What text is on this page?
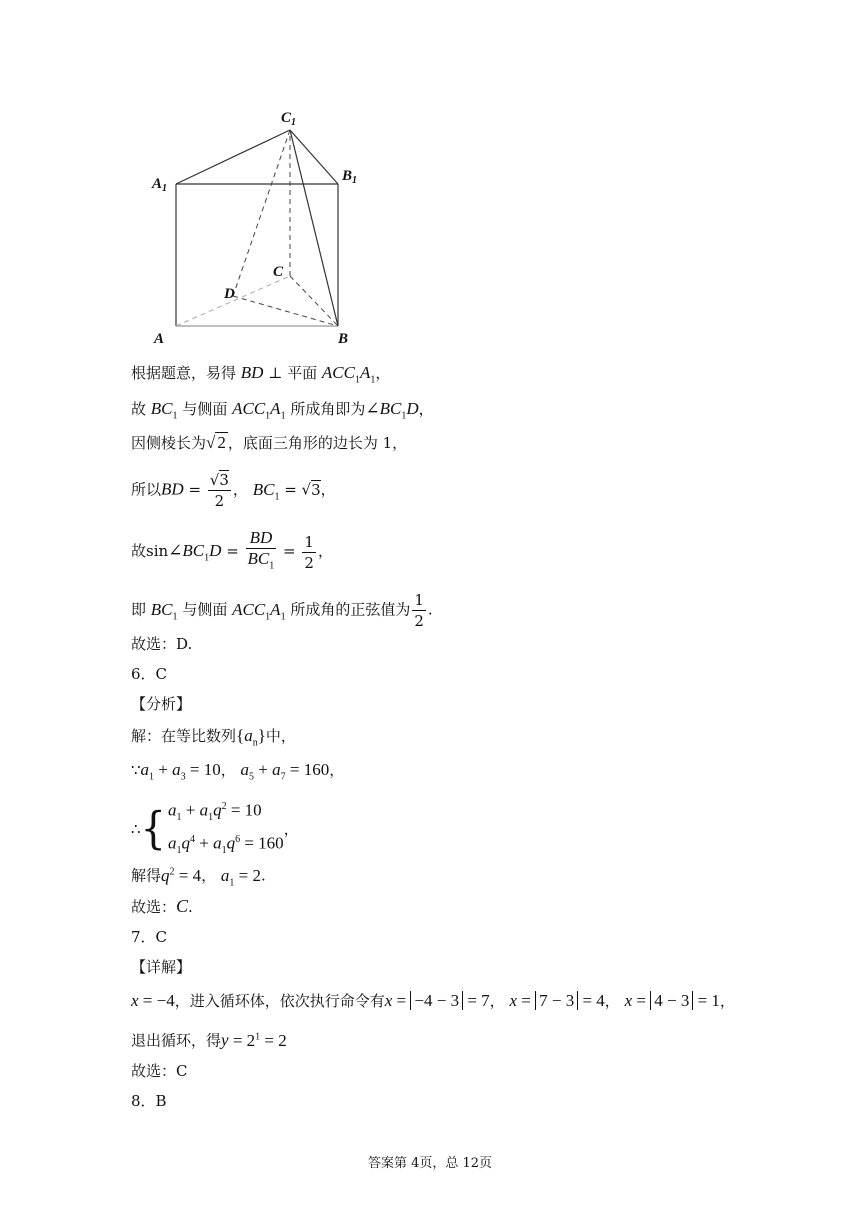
$C_1$
$A_1$
$B_1$
C
D
A	B
根据题意，易得 BD ⊥ 平面 $ACC_1A_1$，
故 $BC_1$ 与侧面 $ACC_1A_1$ 所成角即为$\angle BC_1D$，
因侧棱长为√ 2 ，底面三角形的边长为 1，
所以BD = $\frac{√3}{2}$ ， $BC_1 = √3$，
故$\sin\angle BC_1D = \frac{BD}{BC_1} = \frac{1}{2}$ ，
即 $BC_1$ 与侧面 $ACC_1A_1$ 所成角的正弦值为 $\frac{1}{2}$ .
故选：D.
6．C
【分析】
解：在等比数列$\{a_n\}$中，
$\because a_1 + a_3 = 10$， $a_5 + a_7 = 160$，
∴ { $a_1 + a_1q^2 = 10$
$a_1q^4 + a_1q^6 = 160$
，
解得$q^2 = 4$， $a_1 = 2$.
故选：C.
7．C
【详解】
x = −4，进入循环体，依次执行命令有x = −4 − 3 = 7， x = 7 − 3 = 4， x = 4 − 3 = 1，
退出循环，得$y = 2^1 = 2$
故选：C
8．B
答案第 4页，总 12页
